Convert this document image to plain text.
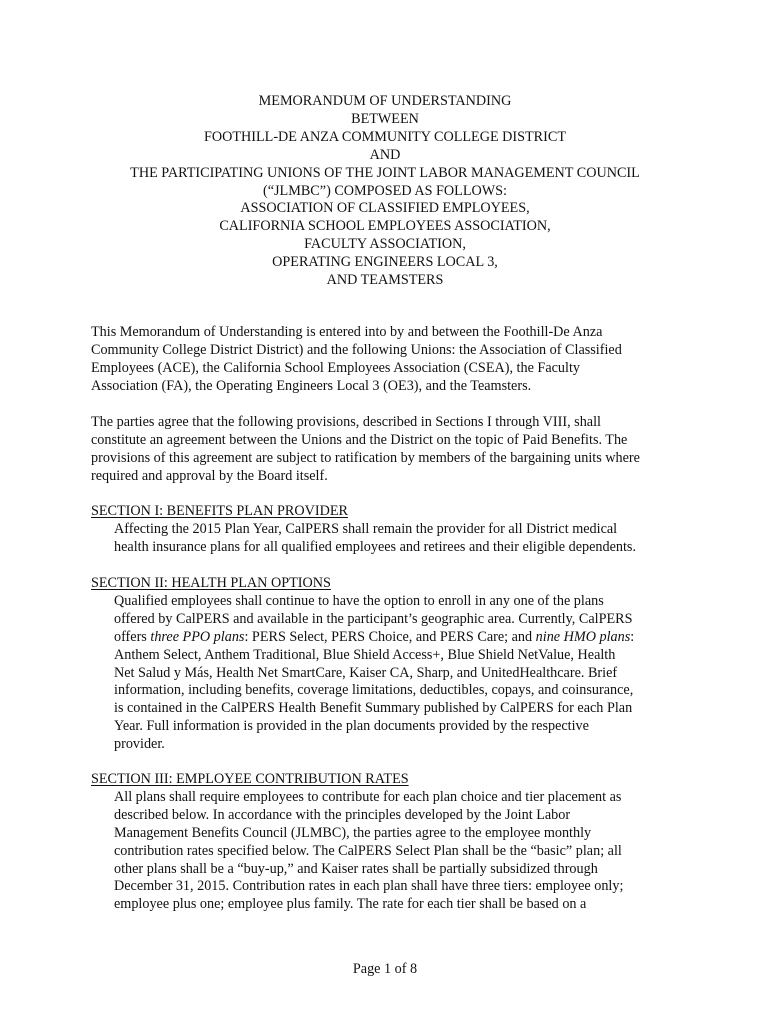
MEMORANDUM OF UNDERSTANDING
BETWEEN
FOOTHILL-DE ANZA COMMUNITY COLLEGE DISTRICT
AND
THE PARTICIPATING UNIONS OF THE JOINT LABOR MANAGEMENT COUNCIL
(“JLMBC”) COMPOSED AS FOLLOWS:
ASSOCIATION OF CLASSIFIED EMPLOYEES,
CALIFORNIA SCHOOL EMPLOYEES ASSOCIATION,
FACULTY ASSOCIATION,
OPERATING ENGINEERS LOCAL 3,
AND TEAMSTERS
This Memorandum of Understanding is entered into by and between the Foothill-De Anza
Community College District District) and the following Unions: the Association of Classified
Employees (ACE), the California School Employees Association (CSEA), the Faculty
Association (FA), the Operating Engineers Local 3 (OE3), and the Teamsters.
The parties agree that the following provisions, described in Sections I through VIII, shall
constitute an agreement between the Unions and the District on the topic of Paid Benefits. The
provisions of this agreement are subject to ratification by members of the bargaining units where
required and approval by the Board itself.
SECTION I: BENEFITS PLAN PROVIDER
Affecting the 2015 Plan Year, CalPERS shall remain the provider for all District medical
health insurance plans for all qualified employees and retirees and their eligible dependents.
SECTION II: HEALTH PLAN OPTIONS
Qualified employees shall continue to have the option to enroll in any one of the plans
offered by CalPERS and available in the participant’s geographic area. Currently, CalPERS
offers three PPO plans: PERS Select, PERS Choice, and PERS Care; and nine HMO plans:
Anthem Select, Anthem Traditional, Blue Shield Access+, Blue Shield NetValue, Health
Net Salud y Más, Health Net SmartCare, Kaiser CA, Sharp, and UnitedHealthcare. Brief
information, including benefits, coverage limitations, deductibles, copays, and coinsurance,
is contained in the CalPERS Health Benefit Summary published by CalPERS for each Plan
Year. Full information is provided in the plan documents provided by the respective
provider.
SECTION III: EMPLOYEE CONTRIBUTION RATES
All plans shall require employees to contribute for each plan choice and tier placement as
described below. In accordance with the principles developed by the Joint Labor
Management Benefits Council (JLMBC), the parties agree to the employee monthly
contribution rates specified below. The CalPERS Select Plan shall be the “basic” plan; all
other plans shall be a “buy-up,” and Kaiser rates shall be partially subsidized through
December 31, 2015. Contribution rates in each plan shall have three tiers: employee only;
employee plus one; employee plus family. The rate for each tier shall be based on a
Page 1 of 8
